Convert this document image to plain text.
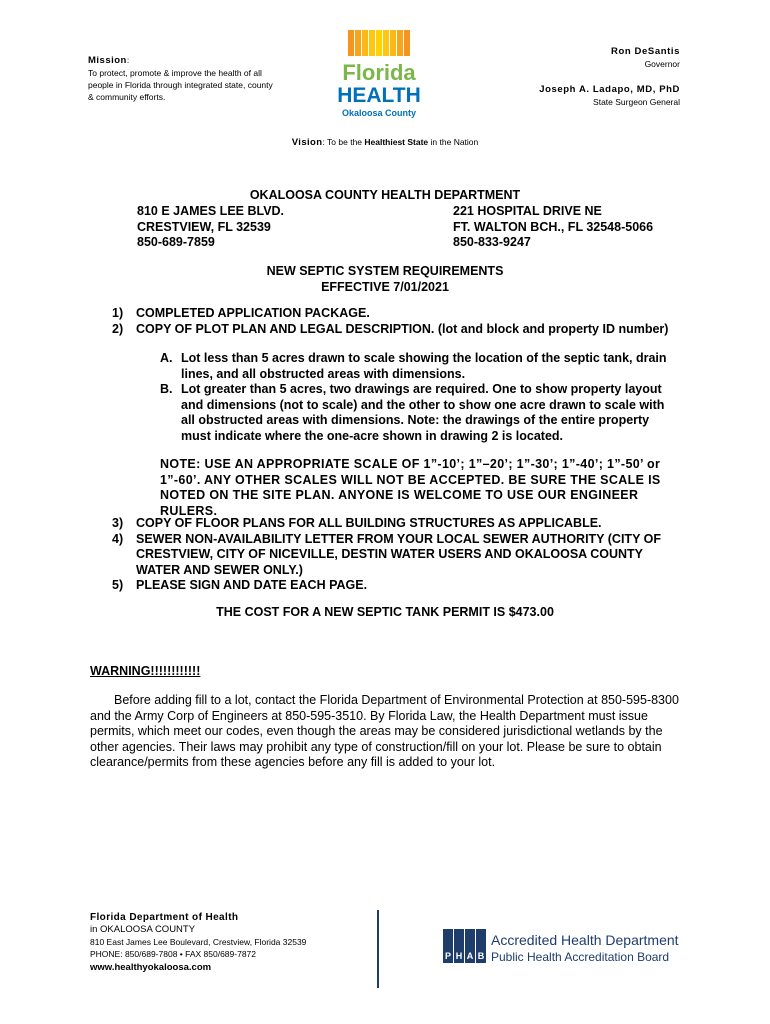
Mission:
To protect, promote & improve the health of all people in Florida through integrated state, county & community efforts.
Florida
HEALTH
Okaloosa County
Ron DeSantis
Governor
Joseph A. Ladapo, MD, PhD
State Surgeon General
Vision: To be the Healthiest State in the Nation
OKALOOSA COUNTY HEALTH DEPARTMENT
810 E JAMES LEE BLVD.
CRESTVIEW, FL 32539
850-689-7859
221 HOSPITAL DRIVE NE
FT. WALTON BCH., FL 32548-5066
850-833-9247
NEW SEPTIC SYSTEM REQUIREMENTS
EFFECTIVE 7/01/2021
1)	COMPLETED APPLICATION PACKAGE.
2)	COPY OF PLOT PLAN AND LEGAL DESCRIPTION. (lot and block and property ID number)
A. Lot less than 5 acres drawn to scale showing the location of the septic tank, drain lines, and all obstructed areas with dimensions.
B. Lot greater than 5 acres, two drawings are required. One to show property layout and dimensions (not to scale) and the other to show one acre drawn to scale with all obstructed areas with dimensions. Note: the drawings of the entire property must indicate where the one-acre shown in drawing 2 is located.
NOTE: USE AN APPROPRIATE SCALE OF 1”-10’; 1”–20’; 1”-30’; 1”-40’; 1”-50’ or 1”-60’. ANY OTHER SCALES WILL NOT BE ACCEPTED. BE SURE THE SCALE IS NOTED ON THE SITE PLAN. ANYONE IS WELCOME TO USE OUR ENGINEER RULERS.
3)	COPY OF FLOOR PLANS FOR ALL BUILDING STRUCTURES AS APPLICABLE.
4)	SEWER NON-AVAILABILITY LETTER FROM YOUR LOCAL SEWER AUTHORITY (CITY OF CRESTVIEW, CITY OF NICEVILLE, DESTIN WATER USERS AND OKALOOSA COUNTY WATER AND SEWER ONLY.)
5)	PLEASE SIGN AND DATE EACH PAGE.
THE COST FOR A NEW SEPTIC TANK PERMIT IS $473.00
WARNING!!!!!!!!!!!!
Before adding fill to a lot, contact the Florida Department of Environmental Protection at 850-595-8300 and the Army Corp of Engineers at 850-595-3510. By Florida Law, the Health Department must issue permits, which meet our codes, even though the areas may be considered jurisdictional wetlands by the other agencies. Their laws may prohibit any type of construction/fill on your lot. Please be sure to obtain clearance/permits from these agencies before any fill is added to your lot.
Florida Department of Health
in OKALOOSA COUNTY
810 East James Lee Boulevard, Crestview, Florida 32539
PHONE: 850/689-7808 • FAX 850/689-7872
www.healthyokaloosa.com
P H A B
Accredited Health Department
Public Health Accreditation Board
